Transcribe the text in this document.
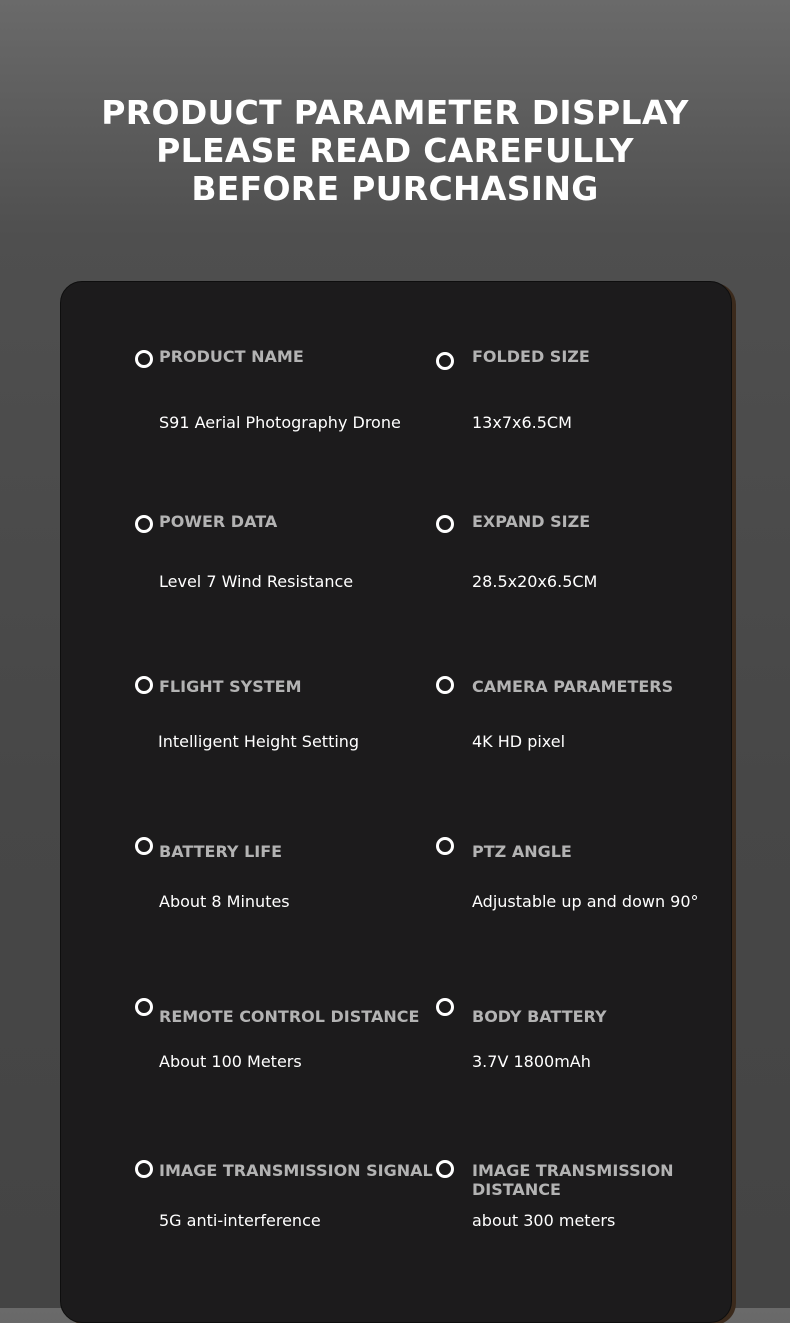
PRODUCT PARAMETER DISPLAY
PLEASE READ CAREFULLY
BEFORE PURCHASING
PRODUCT NAME
S91 Aerial Photography Drone
FOLDED SIZE
13x7x6.5CM
POWER DATA
Level 7 Wind Resistance
EXPAND SIZE
28.5x20x6.5CM
FLIGHT SYSTEM
Intelligent Height Setting
CAMERA PARAMETERS
4K HD pixel
BATTERY LIFE
About 8 Minutes
PTZ ANGLE
Adjustable up and down 90°
REMOTE CONTROL DISTANCE
About 100 Meters
BODY BATTERY
3.7V 1800mAh
IMAGE TRANSMISSION SIGNAL
5G anti-interference
IMAGE TRANSMISSION DISTANCE
about 300 meters
